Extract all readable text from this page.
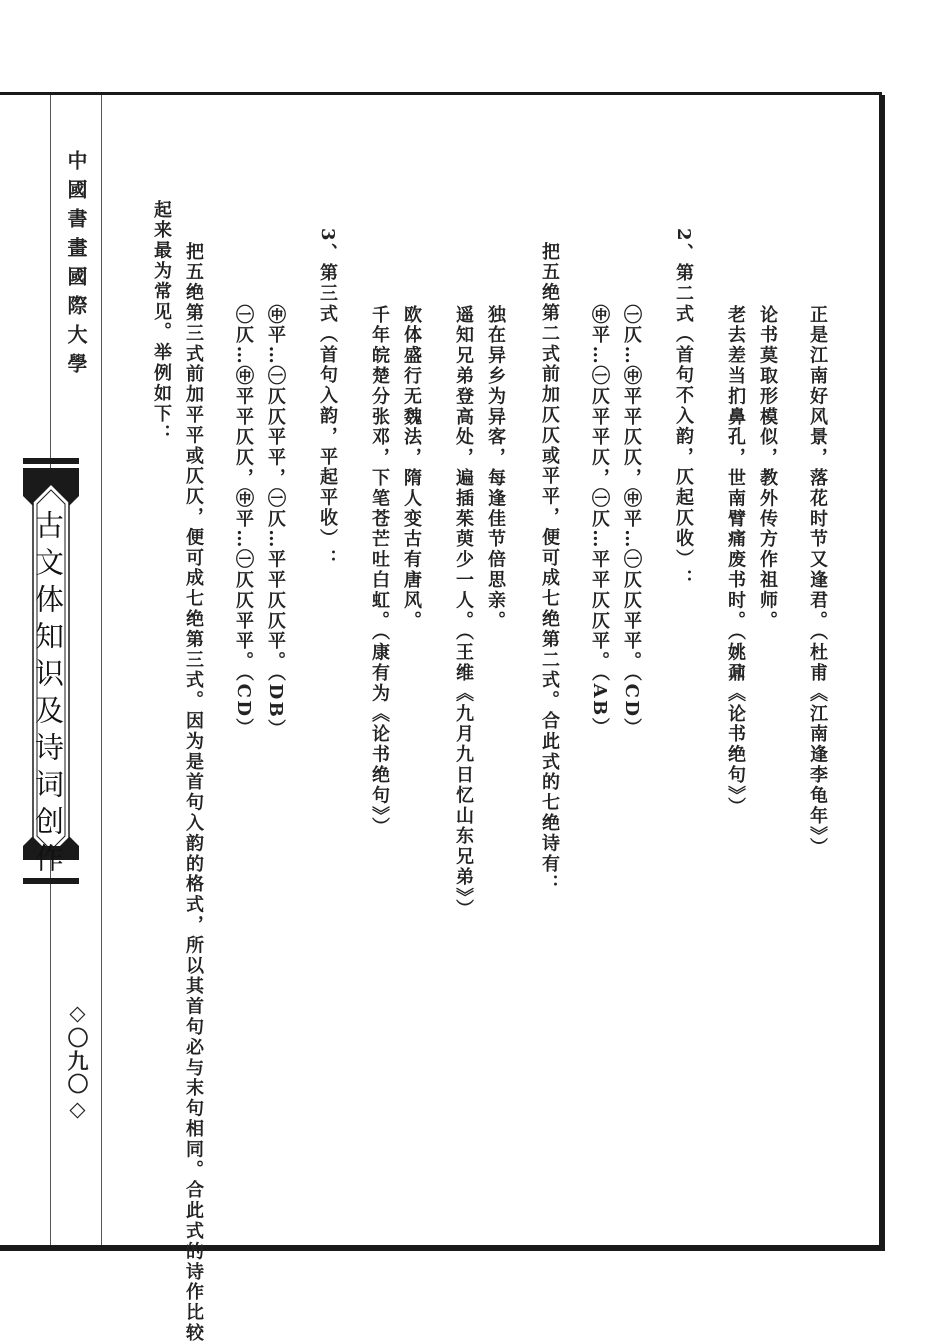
中國書畫國際大學
古文体知识及诗词创作
◇〇九〇◇
正是江南好风景，落花时节又逢君。（杜甫《江南逢李龟年》）
论书莫取形模似，教外传方作祖师。
老去差当扪鼻孔，世南臂痛废书时。（姚鼐《论书绝句》）
2、第二式（首句不入韵，仄起仄收）：
㊀仄…㊥平平仄仄，㊥平…㊀仄仄平平。（CD）
㊥平…㊀仄平平仄，㊀仄…平平仄仄平。（AB）
把五绝第二式前加仄仄或平平，便可成七绝第二式。合此式的七绝诗有：
独在异乡为异客，每逢佳节倍思亲。
遥知兄弟登高处，遍插茱萸少一人。（王维《九月九日忆山东兄弟》）
欧体盛行无魏法，隋人变古有唐风。
千年皖楚分张邓，下笔苍芒吐白虹。（康有为《论书绝句》）
3、第三式（首句入韵，平起平收）：
㊥平…㊀仄仄平平，㊀仄…平平仄仄平。（DB）
㊀仄…㊥平平仄仄，㊥平…㊀仄仄平平。（CD）
把五绝第三式前加平平或仄仄，便可成七绝第三式。因为是首句入韵的格式，所以其首句必与末句相同。合此式的诗作比较
起来最为常见。举例如下：
